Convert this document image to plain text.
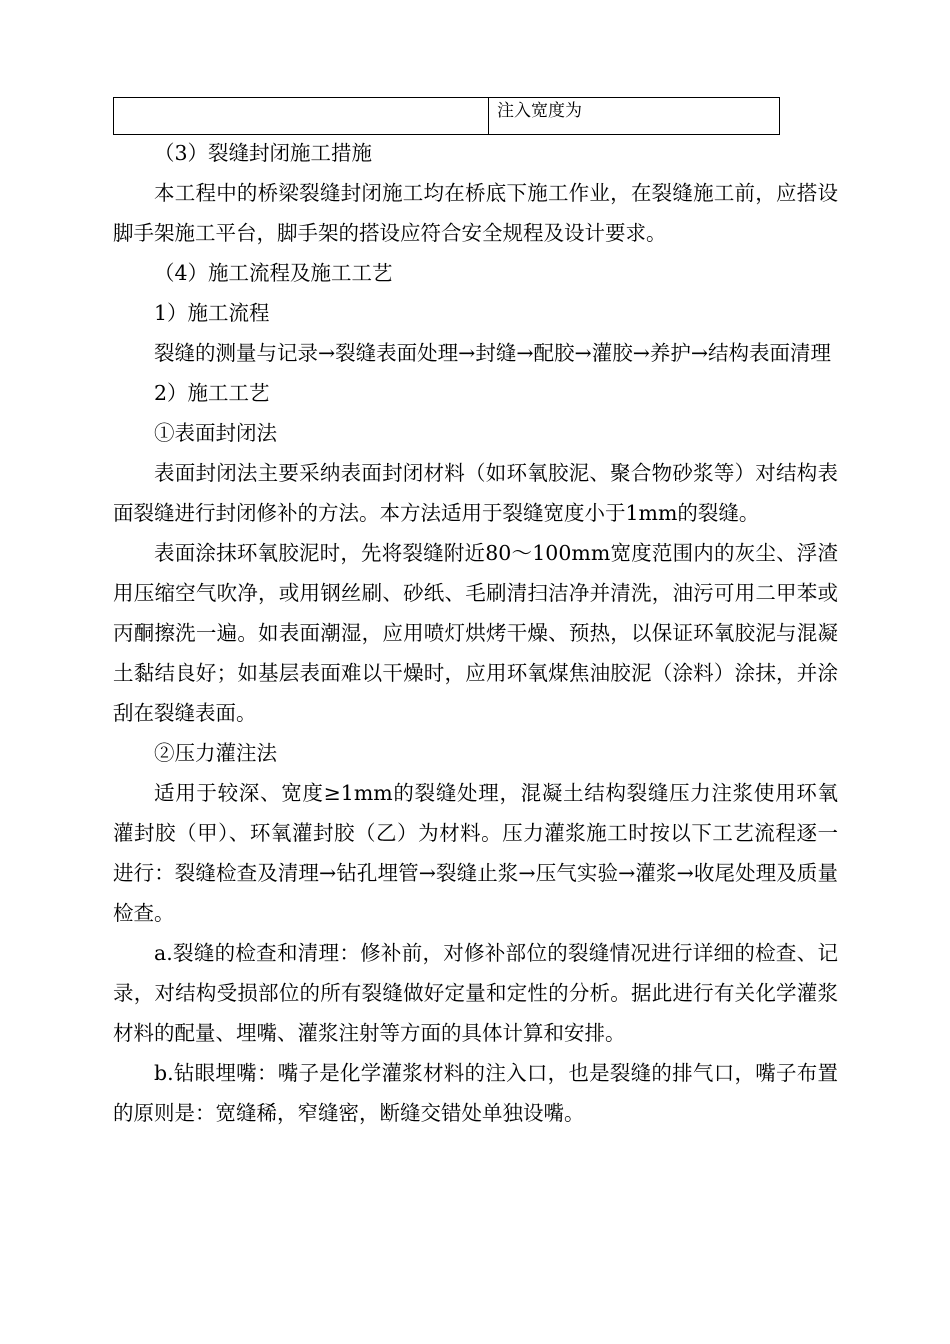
	注入宽度为

（3）裂缝封闭施工措施

本工程中的桥梁裂缝封闭施工均在桥底下施工作业，在裂缝施工前，应搭设脚手架施工平台，脚手架的搭设应符合安全规程及设计要求。

（4）施工流程及施工工艺

1）施工流程

裂缝的测量与记录→裂缝表面处理→封缝→配胶→灌胶→养护→结构表面清理

2）施工工艺

①表面封闭法

表面封闭法主要采纳表面封闭材料（如环氧胶泥、聚合物砂浆等）对结构表面裂缝进行封闭修补的方法。本方法适用于裂缝宽度小于1mm的裂缝。

表面涂抹环氧胶泥时，先将裂缝附近80～100mm宽度范围内的灰尘、浮渣用压缩空气吹净，或用钢丝刷、砂纸、毛刷清扫洁净并清洗，油污可用二甲苯或丙酮擦洗一遍。如表面潮湿，应用喷灯烘烤干燥、预热，以保证环氧胶泥与混凝土黏结良好；如基层表面难以干燥时，应用环氧煤焦油胶泥（涂料）涂抹，并涂刮在裂缝表面。

②压力灌注法

适用于较深、宽度≥1mm的裂缝处理，混凝土结构裂缝压力注浆使用环氧灌封胶（甲）、环氧灌封胶（乙）为材料。压力灌浆施工时按以下工艺流程逐一进行：裂缝检查及清理→钻孔埋管→裂缝止浆→压气实验→灌浆→收尾处理及质量检查。

a.裂缝的检查和清理：修补前，对修补部位的裂缝情况进行详细的检查、记录，对结构受损部位的所有裂缝做好定量和定性的分析。据此进行有关化学灌浆材料的配量、埋嘴、灌浆注射等方面的具体计算和安排。

b.钻眼埋嘴：嘴子是化学灌浆材料的注入口，也是裂缝的排气口，嘴子布置的原则是：宽缝稀，窄缝密，断缝交错处单独设嘴。
